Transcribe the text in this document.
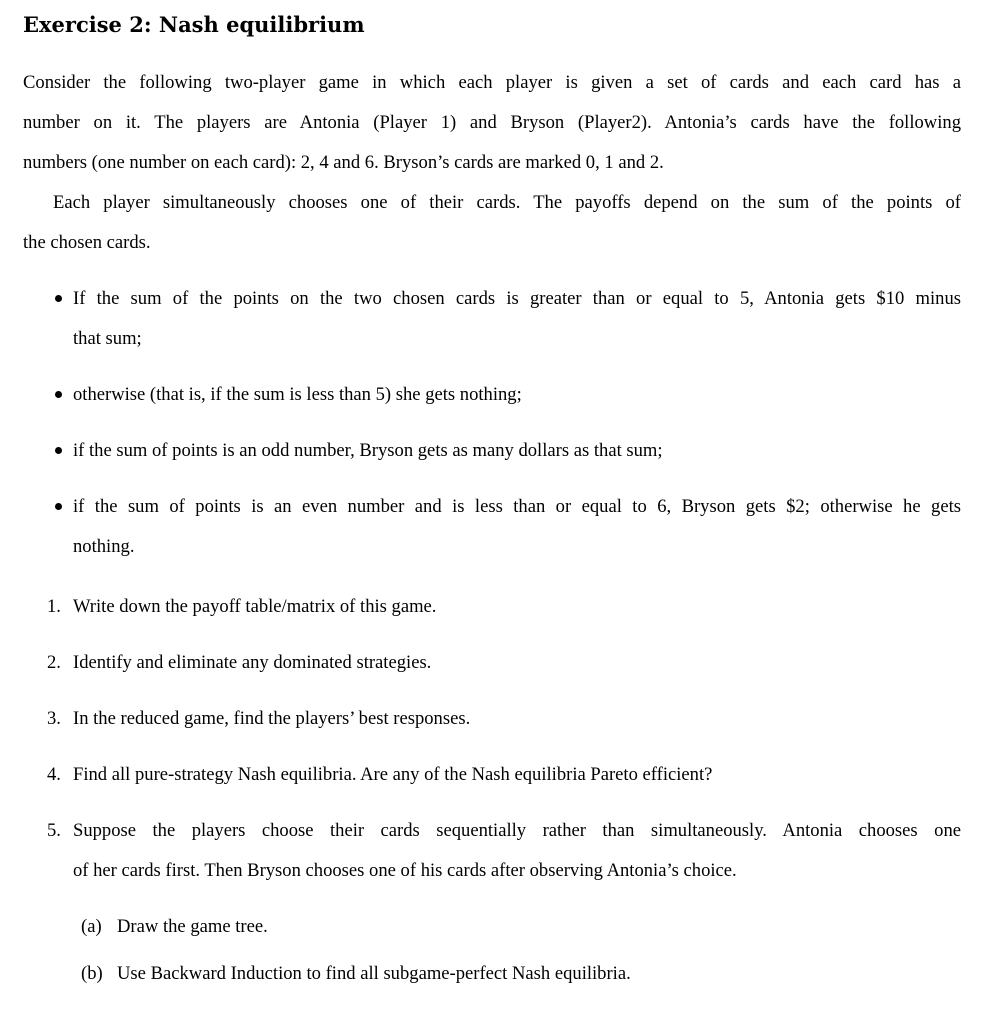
Exercise 2: Nash equilibrium

Consider the following two-player game in which each player is given a set of cards and each card has a

number on it. The players are Antonia (Player 1) and Bryson (Player2). Antonia’s cards have the following

numbers (one number on each card): 2, 4 and 6. Bryson’s cards are marked 0, 1 and 2.

Each player simultaneously chooses one of their cards. The payoffs depend on the sum of the points of

the chosen cards.

If the sum of the points on the two chosen cards is greater than or equal to 5, Antonia gets $10 minus

that sum;

otherwise (that is, if the sum is less than 5) she gets nothing;

if the sum of points is an odd number, Bryson gets as many dollars as that sum;

if the sum of points is an even number and is less than or equal to 6, Bryson gets $2; otherwise he gets

nothing.

1. Write down the payoff table/matrix of this game.

2. Identify and eliminate any dominated strategies.

3. In the reduced game, find the players’ best responses.

4. Find all pure-strategy Nash equilibria. Are any of the Nash equilibria Pareto efficient?

5. Suppose the players choose their cards sequentially rather than simultaneously. Antonia chooses one

of her cards first. Then Bryson chooses one of his cards after observing Antonia’s choice.

(a) Draw the game tree.

(b) Use Backward Induction to find all subgame-perfect Nash equilibria.
